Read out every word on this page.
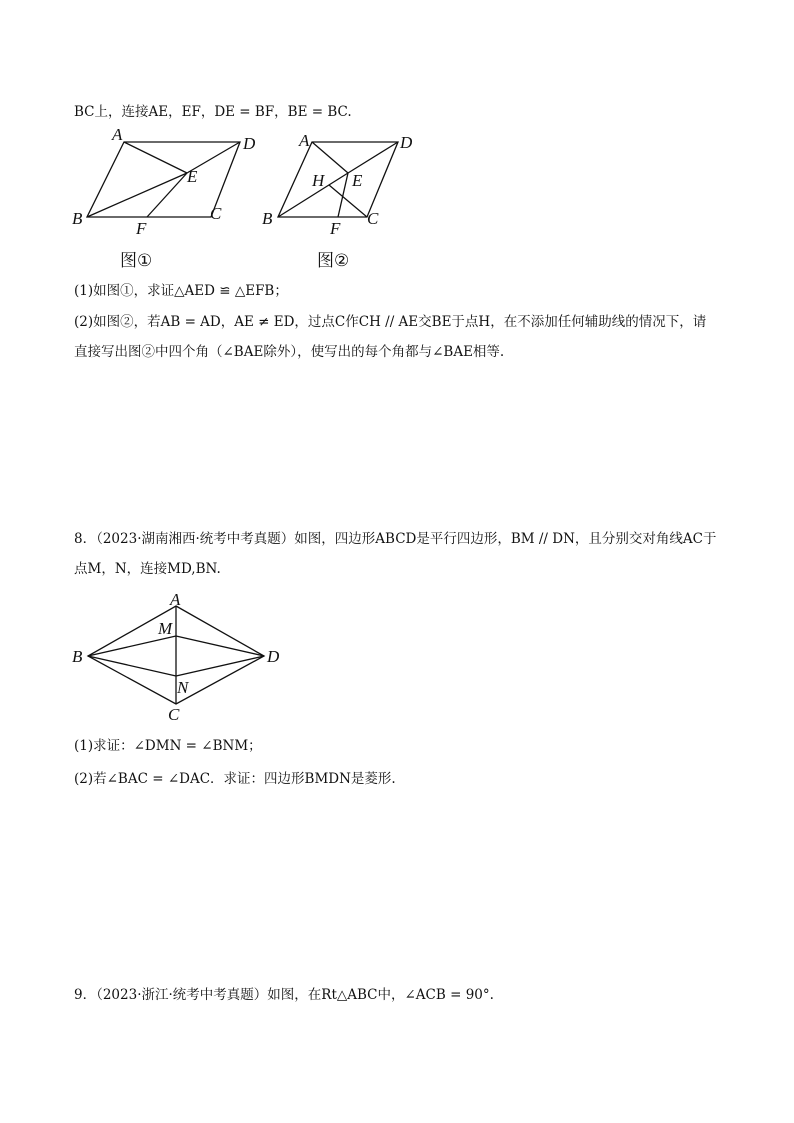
BC上，连接AE，EF，DE = BF，BE = BC.
A	D
E
B	C
F
图①
A	D
H E
B	C
F
图②
(1)如图①，求证△AED ≌ △EFB；
(2)如图②，若AB = AD，AE ≠ ED，过点C作CH // AE交BE于点H，在不添加任何辅助线的情况下，请
直接写出图②中四个角（∠BAE除外），使写出的每个角都与∠BAE相等.
8．（2023·湖南湘西·统考中考真题）如图，四边形ABCD是平行四边形，BM // DN，且分别交对角线AC于
点M，N，连接MD,BN.
A
M
B	D
N
C
(1)求证：∠DMN = ∠BNM；
(2)若∠BAC = ∠DAC．求证：四边形BMDN是菱形.
9．（2023·浙江·统考中考真题）如图，在Rt△ABC中，∠ACB = 90°.
